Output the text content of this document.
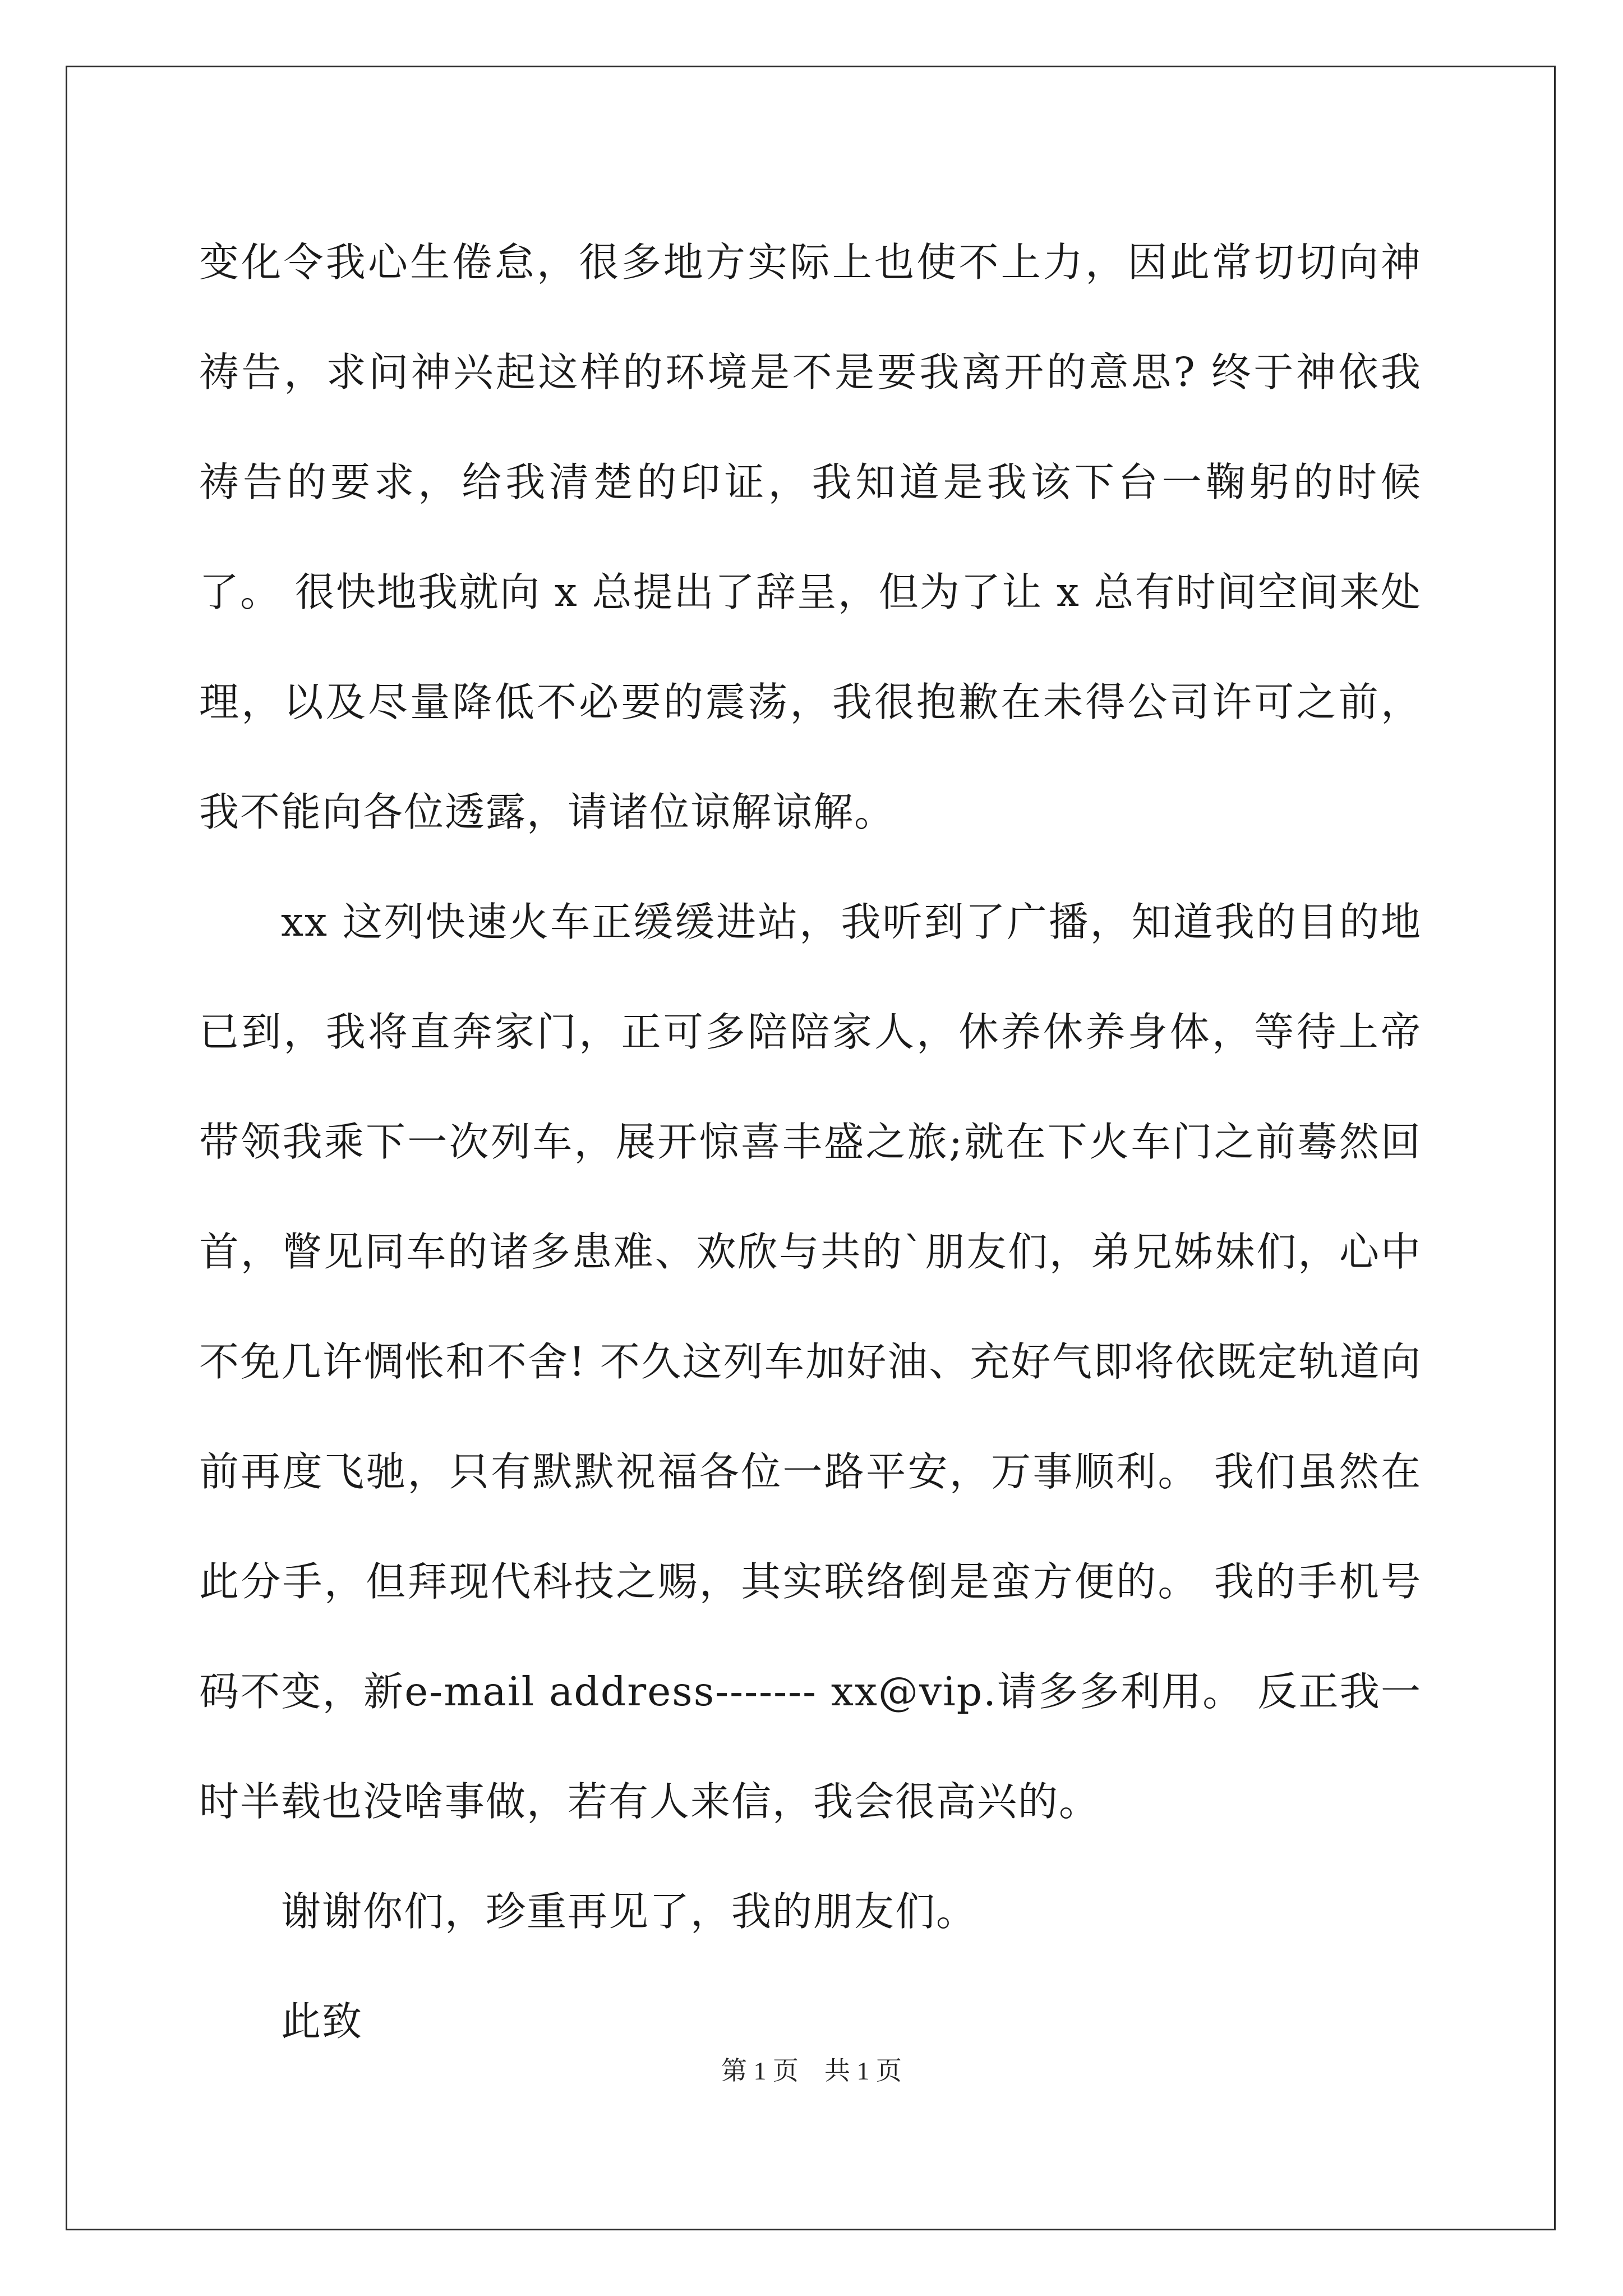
变化令我心生倦怠，很多地方实际上也使不上力，因此常切切向神祷告，求问神兴起这样的环境是不是要我离开的意思? 终于神依我祷告的要求，给我清楚的印证，我知道是我该下台一鞠躬的时候了。 很快地我就向 x 总提出了辞呈，但为了让 x 总有时间空间来处理，以及尽量降低不必要的震荡，我很抱歉在未得公司许可之前，我不能向各位透露，请诸位谅解谅解。

xx 这列快速火车正缓缓进站，我听到了广播，知道我的目的地已到，我将直奔家门，正可多陪陪家人，休养休养身体，等待上帝带领我乘下一次列车，展开惊喜丰盛之旅;就在下火车门之前蓦然回首，瞥见同车的诸多患难、欢欣与共的`朋友们，弟兄姊妹们，心中不免几许惆怅和不舍! 不久这列车加好油、充好气即将依既定轨道向前再度飞驰，只有默默祝福各位一路平安，万事顺利。 我们虽然在此分手，但拜现代科技之赐，其实联络倒是蛮方便的。 我的手机号码不变，新e-mail address------- xx@vip.请多多利用。 反正我一时半载也没啥事做，若有人来信，我会很高兴的。

谢谢你们，珍重再见了，我的朋友们。

此致

第 1 页　共 1 页
